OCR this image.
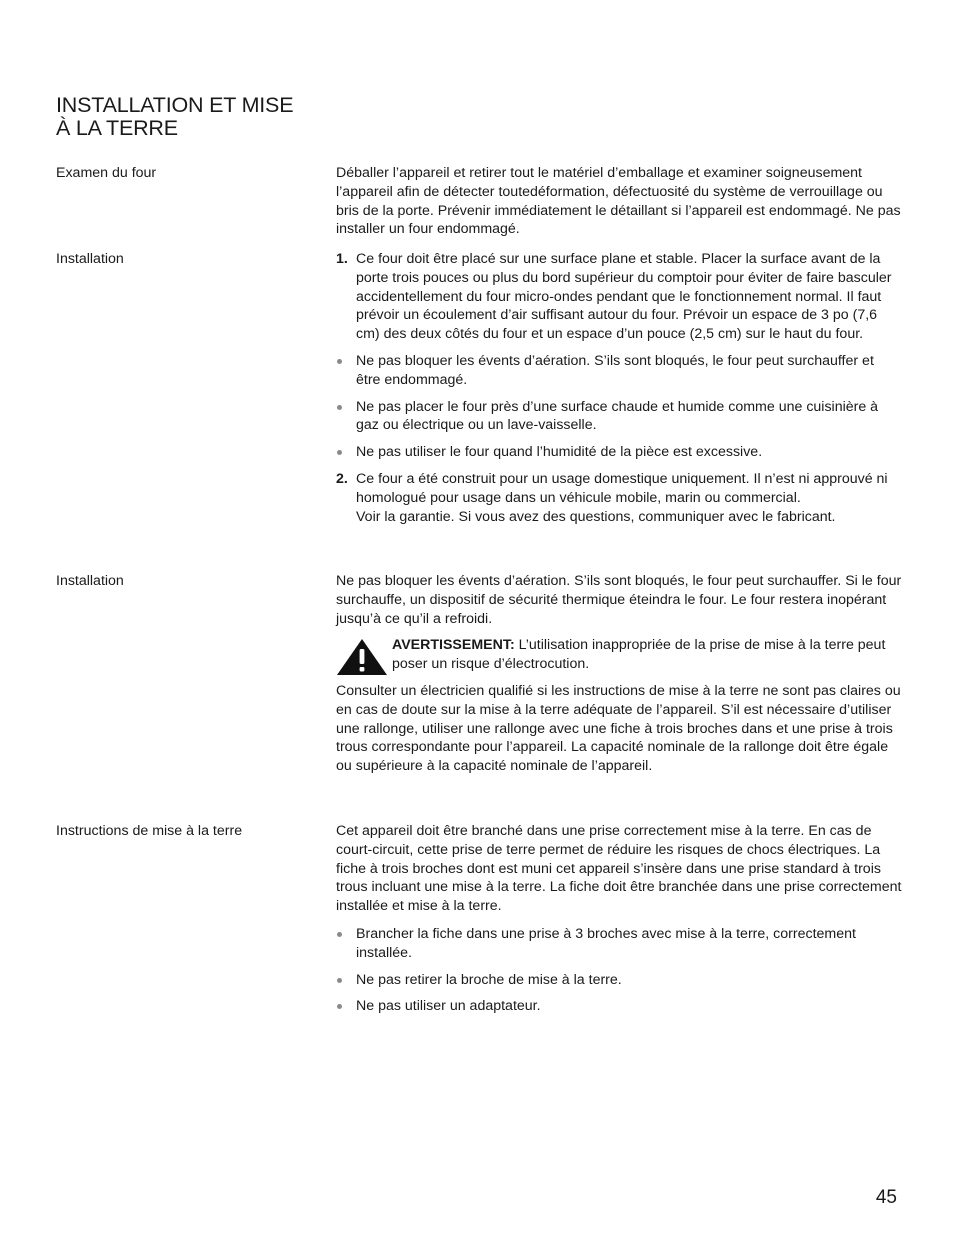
INSTALLATION ET MISE
À LA TERRE
Examen du four	Déballer l’appareil et retirer tout le matériel d’emballage et examiner soigneusement l’appareil afin de détecter toutedéformation, défectuosité du système de verrouillage ou bris de la porte. Prévenir immédiatement le détaillant si l’appareil est endommagé. Ne pas installer un four endommagé.

Installation	1. Ce four doit être placé sur une surface plane et stable. Placer la surface avant de la porte trois pouces ou plus du bord supérieur du comptoir pour éviter de faire basculer accidentellement du four micro-ondes pendant que le fonctionnement normal. Il faut prévoir un écoulement d’air suffisant autour du four. Prévoir un espace de 3 po (7,6 cm) des deux côtés du four et un espace d’un pouce (2,5 cm) sur le haut du four.

Ne pas bloquer les évents d’aération. S’ils sont bloqués, le four peut surchauffer et être endommagé.

Ne pas placer le four près d’une surface chaude et humide comme une cuisinière à gaz ou électrique ou un lave-vaisselle.

Ne pas utiliser le four quand l’humidité de la pièce est excessive.

2. Ce four a été construit pour un usage domestique uniquement. Il n’est ni approuvé ni homologué pour usage dans un véhicule mobile, marin ou commercial.

Voir la garantie. Si vous avez des questions, communiquer avec le fabricant.

Installation	Ne pas bloquer les évents d’aération. S’ils sont bloqués, le four peut surchauffer. Si le four surchauffe, un dispositif de sécurité thermique éteindra le four. Le four restera inopérant jusqu’à ce qu’il a refroidi.

AVERTISSEMENT: L’utilisation inappropriée de la prise de mise à la terre peut poser un risque d’électrocution.

Consulter un électricien qualifié si les instructions de mise à la terre ne sont pas claires ou en cas de doute sur la mise à la terre adéquate de l’appareil. S’il est nécessaire d’utiliser une rallonge, utiliser une rallonge avec une fiche à trois broches dans et une prise à trois trous correspondante pour l’appareil. La capacité nominale de la rallonge doit être égale ou supérieure à la capacité nominale de l’appareil.

Instructions de mise à la terre	Cet appareil doit être branché dans une prise correctement mise à la terre. En cas de court-circuit, cette prise de terre permet de réduire les risques de chocs électriques. La fiche à trois broches dont est muni cet appareil s’insère dans une prise standard à trois trous incluant une mise à la terre. La fiche doit être branchée dans une prise correctement installée et mise à la terre.

Brancher la fiche dans une prise à 3 broches avec mise à la terre, correctement installée.

Ne pas retirer la broche de mise à la terre.

Ne pas utiliser un adaptateur.

45
